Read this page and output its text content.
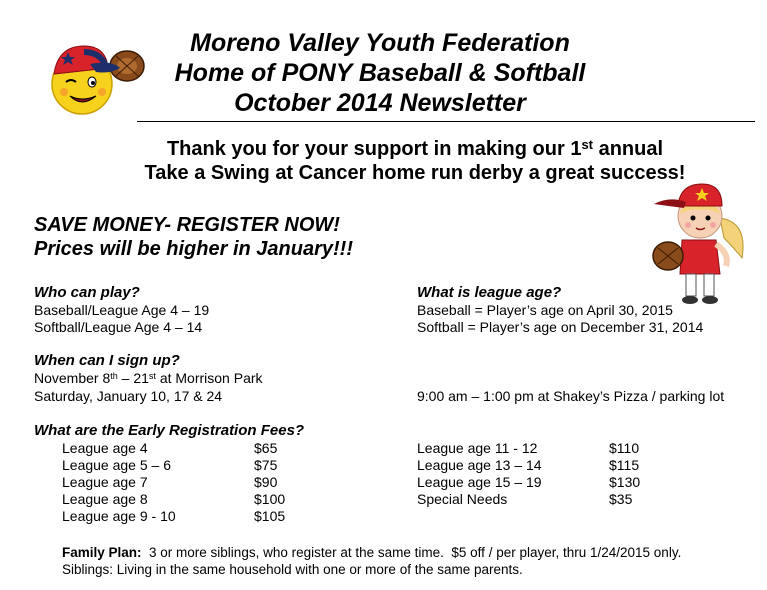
Moreno Valley Youth Federation
Home of PONY Baseball & Softball
October 2014 Newsletter
Thank you for your support in making our 1st annual
Take a Swing at Cancer home run derby a great success!
SAVE MONEY- REGISTER NOW!
Prices will be higher in January!!!
Who can play?
Baseball/League Age 4 – 19
Softball/League Age 4 – 14
What is league age?
Baseball = Player’s age on April 30, 2015
Softball = Player’s age on December 31, 2014
When can I sign up?
November 8th – 21st at Morrison Park
Saturday, January 10, 17 & 24	9:00 am – 1:00 pm at Shakey’s Pizza / parking lot
What are the Early Registration Fees?
League age 4	$65
League age 5 – 6	$75
League age 7	$90
League age 8	$100
League age 9 - 10	$105
League age 11 - 12	$110
League age 13 – 14	$115
League age 15 – 19	$130
Special Needs	$35
Family Plan:  3 or more siblings, who register at the same time.  $5 off / per player, thru 1/24/2015 only.
Siblings: Living in the same household with one or more of the same parents.
